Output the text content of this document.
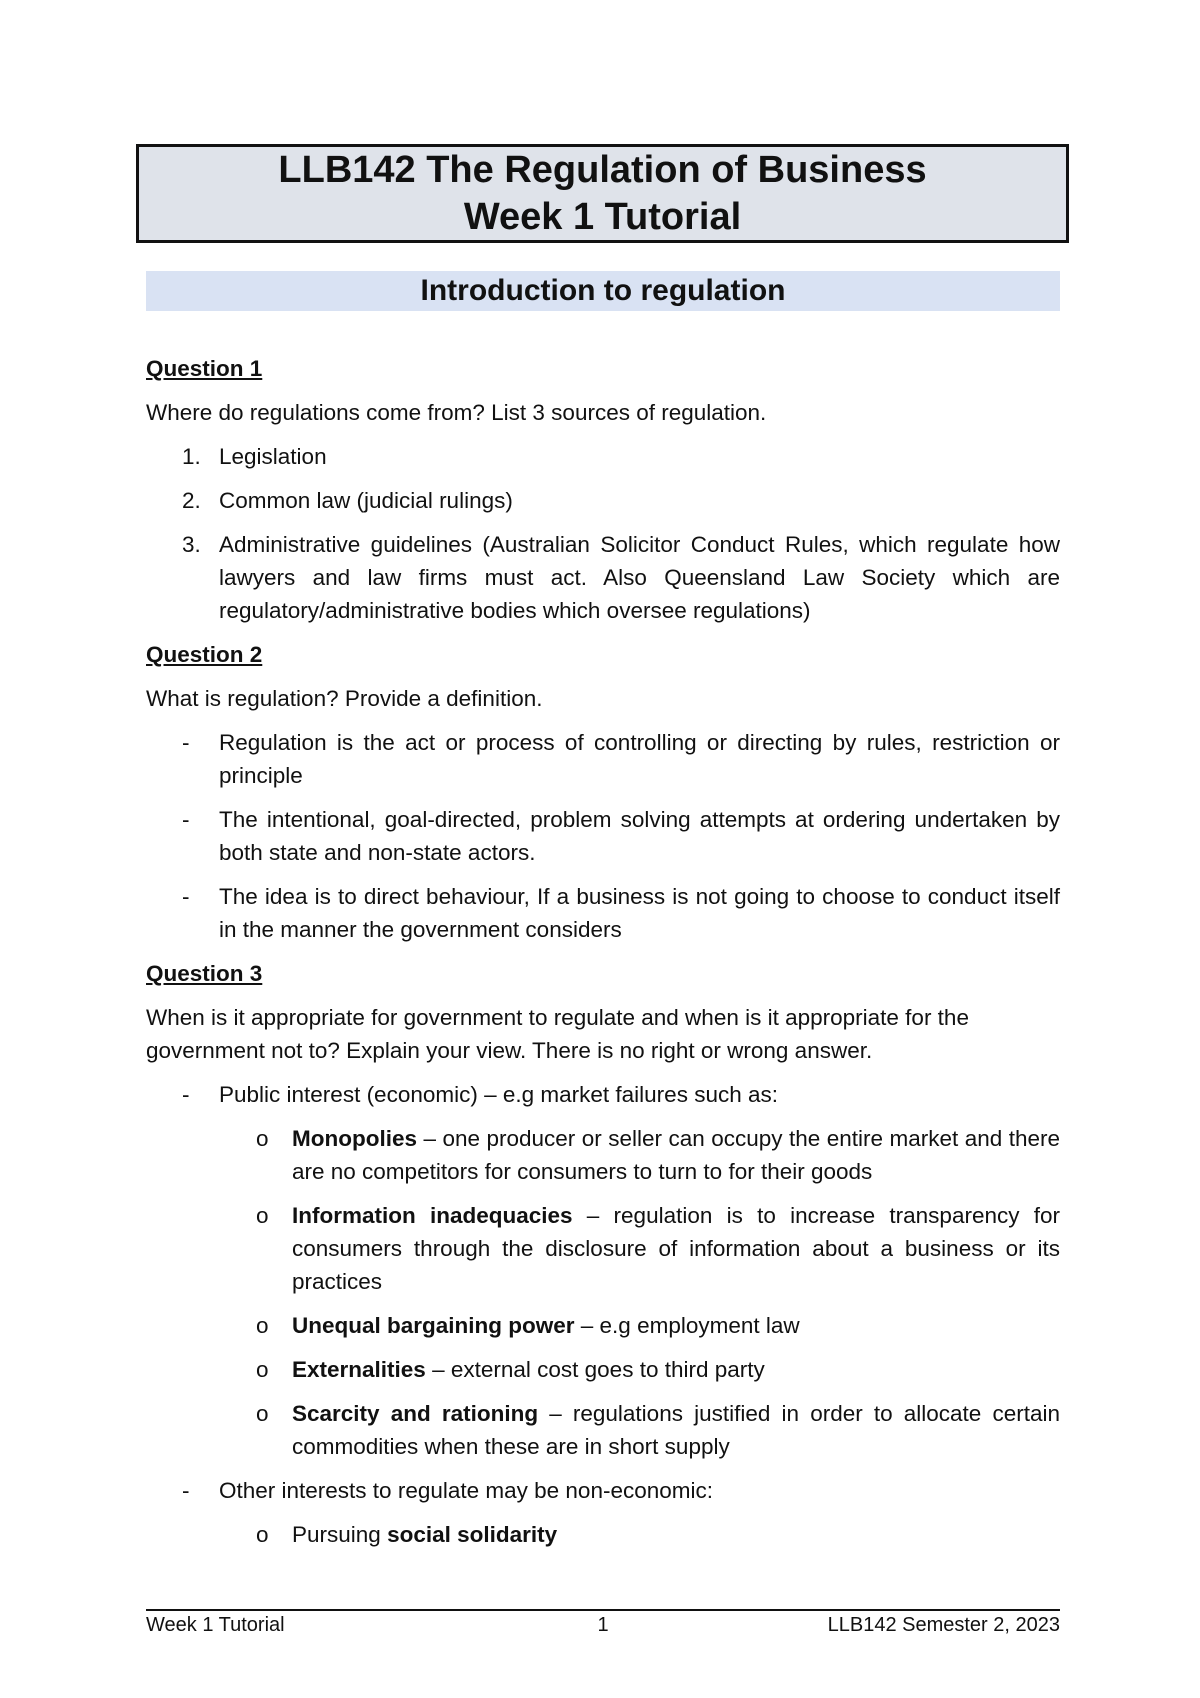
LLB142 The Regulation of Business
Week 1 Tutorial
Introduction to regulation
Question 1
Where do regulations come from? List 3 sources of regulation.
1. Legislation
2. Common law (judicial rulings)
3. Administrative guidelines (Australian Solicitor Conduct Rules, which regulate how lawyers and law firms must act. Also Queensland Law Society which are regulatory/administrative bodies which oversee regulations)
Question 2
What is regulation? Provide a definition.
- Regulation is the act or process of controlling or directing by rules, restriction or principle
- The intentional, goal-directed, problem solving attempts at ordering undertaken by both state and non-state actors.
- The idea is to direct behaviour, If a business is not going to choose to conduct itself in the manner the government considers
Question 3
When is it appropriate for government to regulate and when is it appropriate for the government not to? Explain your view. There is no right or wrong answer.
- Public interest (economic) – e.g market failures such as:
o Monopolies – one producer or seller can occupy the entire market and there are no competitors for consumers to turn to for their goods
o Information inadequacies – regulation is to increase transparency for consumers through the disclosure of information about a business or its practices
o Unequal bargaining power – e.g employment law
o Externalities – external cost goes to third party
o Scarcity and rationing – regulations justified in order to allocate certain commodities when these are in short supply
- Other interests to regulate may be non-economic:
o Pursuing social solidarity
Week 1 Tutorial	1	LLB142 Semester 2, 2023
